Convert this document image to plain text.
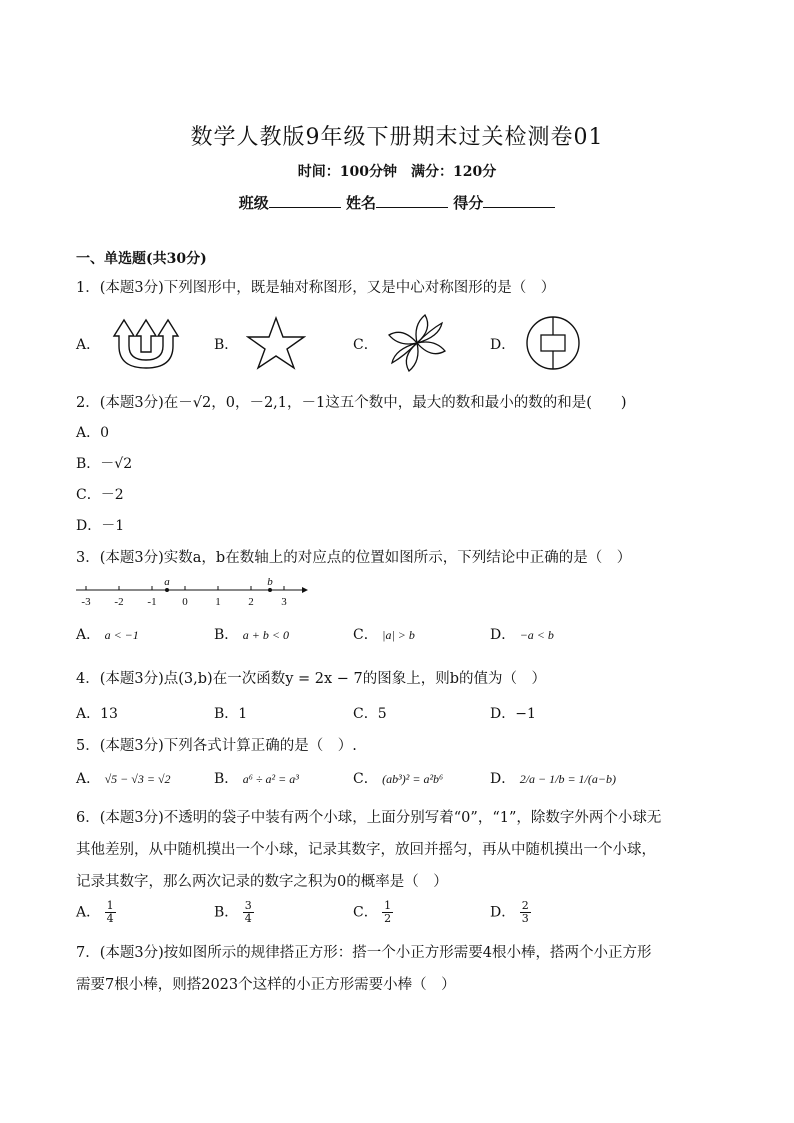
数学人教版9年级下册期末过关检测卷01
时间：100分钟　满分：120分
班级	姓名	得分
一、单选题(共30分)
1．(本题3分)下列图形中，既是轴对称图形，又是中心对称图形的是（　）
A．	B．	C．	D．
2．(本题3分)在－√2，0，－2,1，－1这五个数中，最大的数和最小的数的和是(　　)
A．0
B．－√2
C．－2
D．－1
3．(本题3分)实数a，b在数轴上的对应点的位置如图所示，下列结论中正确的是（　）
-3 -2 -1 0	1	2	3
a	b
A． a < −1	B． a + b < 0	C． |a| > b	D． −a < b
4．(本题3分)点(3,b)在一次函数y = 2x − 7的图象上，则b的值为（　）
A．13	B．1	C．5	D．−1
5．(本题3分)下列各式计算正确的是（　）.
A． √5 − √3 = √2	B． a⁶ ÷ a² = a³	C． (ab³)² = a²b⁶	D． 2/a − 1/b = 1/(a−b)
6．(本题3分)不透明的袋子中装有两个小球，上面分别写着“0”，“1”，除数字外两个小球无
其他差别，从中随机摸出一个小球，记录其数字，放回并摇匀，再从中随机摸出一个小球，
记录其数字，那么两次记录的数字之积为0的概率是（　）
A． $\frac{1}{4}$	B． $\frac{3}{4}$	C． $\frac{1}{2}$	D． $\frac{2}{3}$
7．(本题3分)按如图所示的规律搭正方形：搭一个小正方形需要4根小棒，搭两个小正方形
需要7根小棒，则搭2023个这样的小正方形需要小棒（　）
